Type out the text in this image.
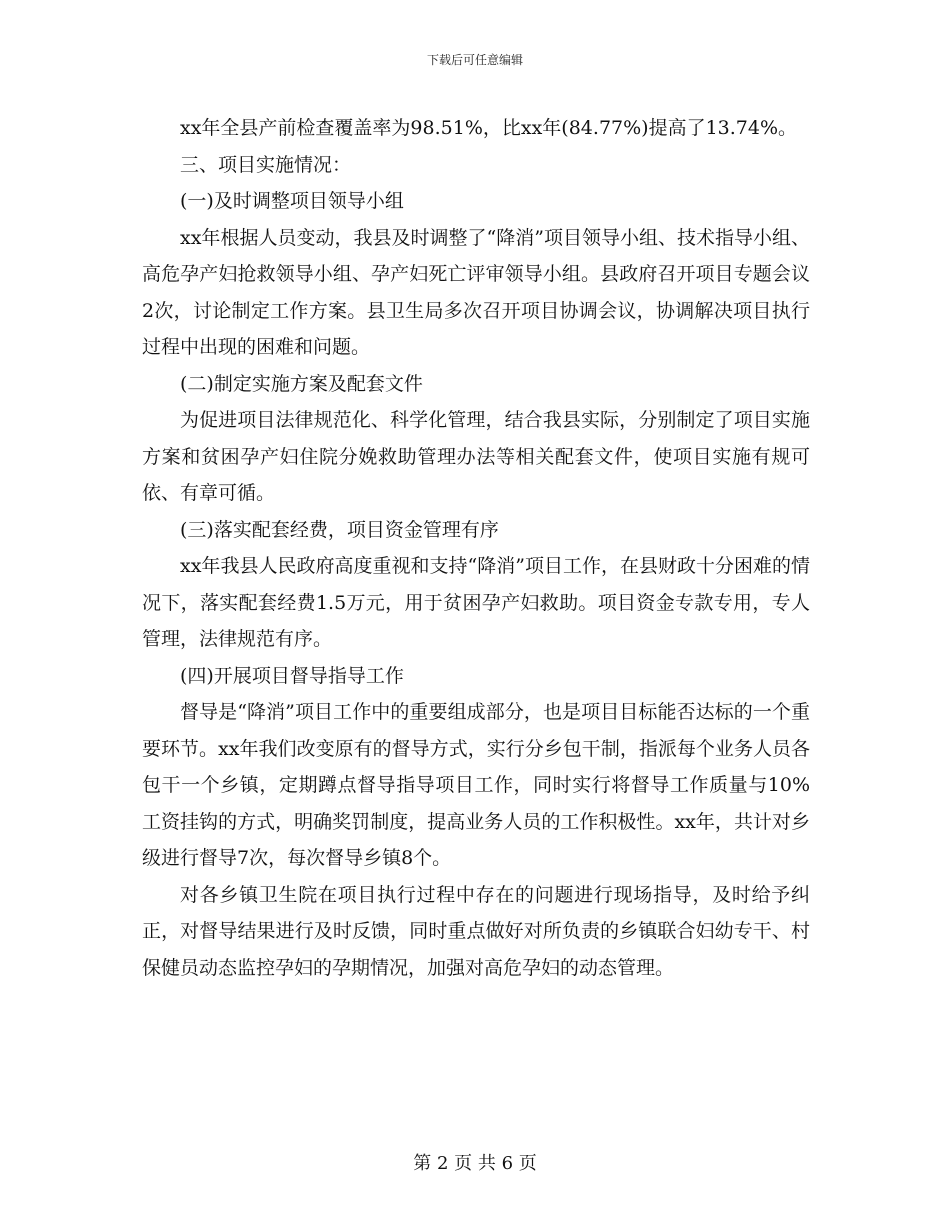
下载后可任意编辑

xx年全县产前检查覆盖率为98.51%，比xx年(84.77%)提高了13.74%。

三、项目实施情况：

(一)及时调整项目领导小组

xx年根据人员变动，我县及时调整了“降消”项目领导小组、技术指导小组、高危孕产妇抢救领导小组、孕产妇死亡评审领导小组。县政府召开项目专题会议2次，讨论制定工作方案。县卫生局多次召开项目协调会议，协调解决项目执行过程中出现的困难和问题。

(二)制定实施方案及配套文件

为促进项目法律规范化、科学化管理，结合我县实际，分别制定了项目实施方案和贫困孕产妇住院分娩救助管理办法等相关配套文件，使项目实施有规可依、有章可循。

(三)落实配套经费，项目资金管理有序

xx年我县人民政府高度重视和支持“降消”项目工作，在县财政十分困难的情况下，落实配套经费1.5万元，用于贫困孕产妇救助。项目资金专款专用，专人管理，法律规范有序。

(四)开展项目督导指导工作

督导是“降消”项目工作中的重要组成部分，也是项目目标能否达标的一个重要环节。xx年我们改变原有的督导方式，实行分乡包干制，指派每个业务人员各包干一个乡镇，定期蹲点督导指导项目工作，同时实行将督导工作质量与10%工资挂钩的方式，明确奖罚制度，提高业务人员的工作积极性。xx年，共计对乡级进行督导7次，每次督导乡镇8个。

对各乡镇卫生院在项目执行过程中存在的问题进行现场指导，及时给予纠正，对督导结果进行及时反馈，同时重点做好对所负责的乡镇联合妇幼专干、村保健员动态监控孕妇的孕期情况，加强对高危孕妇的动态管理。

第 2 页 共 6 页
